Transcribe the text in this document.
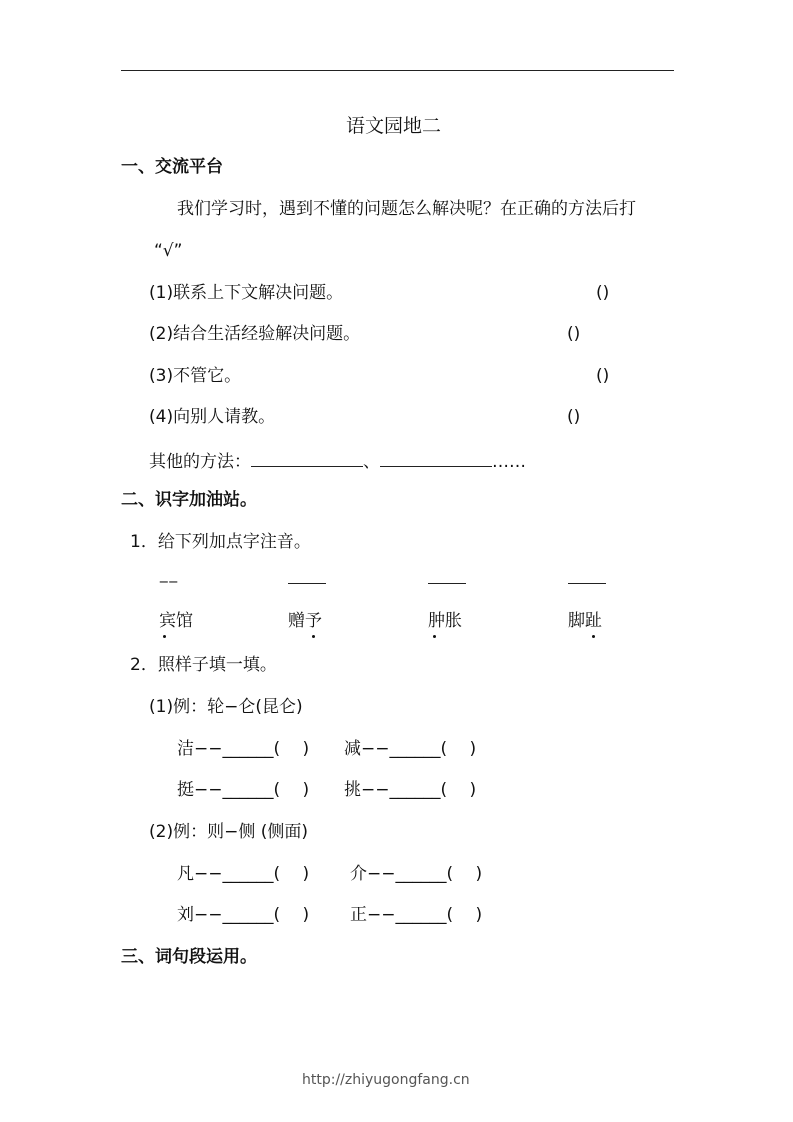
语文园地二
一、交流平台
我们学习时，遇到不懂的问题怎么解决呢？在正确的方法后打
“√”
(1)联系上下文解决问题。	()
(2)结合生活经验解决问题。	()
(3)不管它。	()
(4)向别人请教。	()
其他的方法：	、	……
二、识字加油站。
1．给下列加点字注音。
‒‒
宾馆	赠予	肿胀	脚趾
2．照样子填一填。
(1)例：轮−仑(昆仑)
洁−−______(　 ) 减−−______(　 )
挺−−______(　 ) 挑−−______(　 )
(2)例：则−侧 (侧面)
凡−−______(　 ) 介−−______(　 )
刘−−______(　 ) 正−−______(　 )
三、词句段运用。
http://zhiyugongfang.cn
